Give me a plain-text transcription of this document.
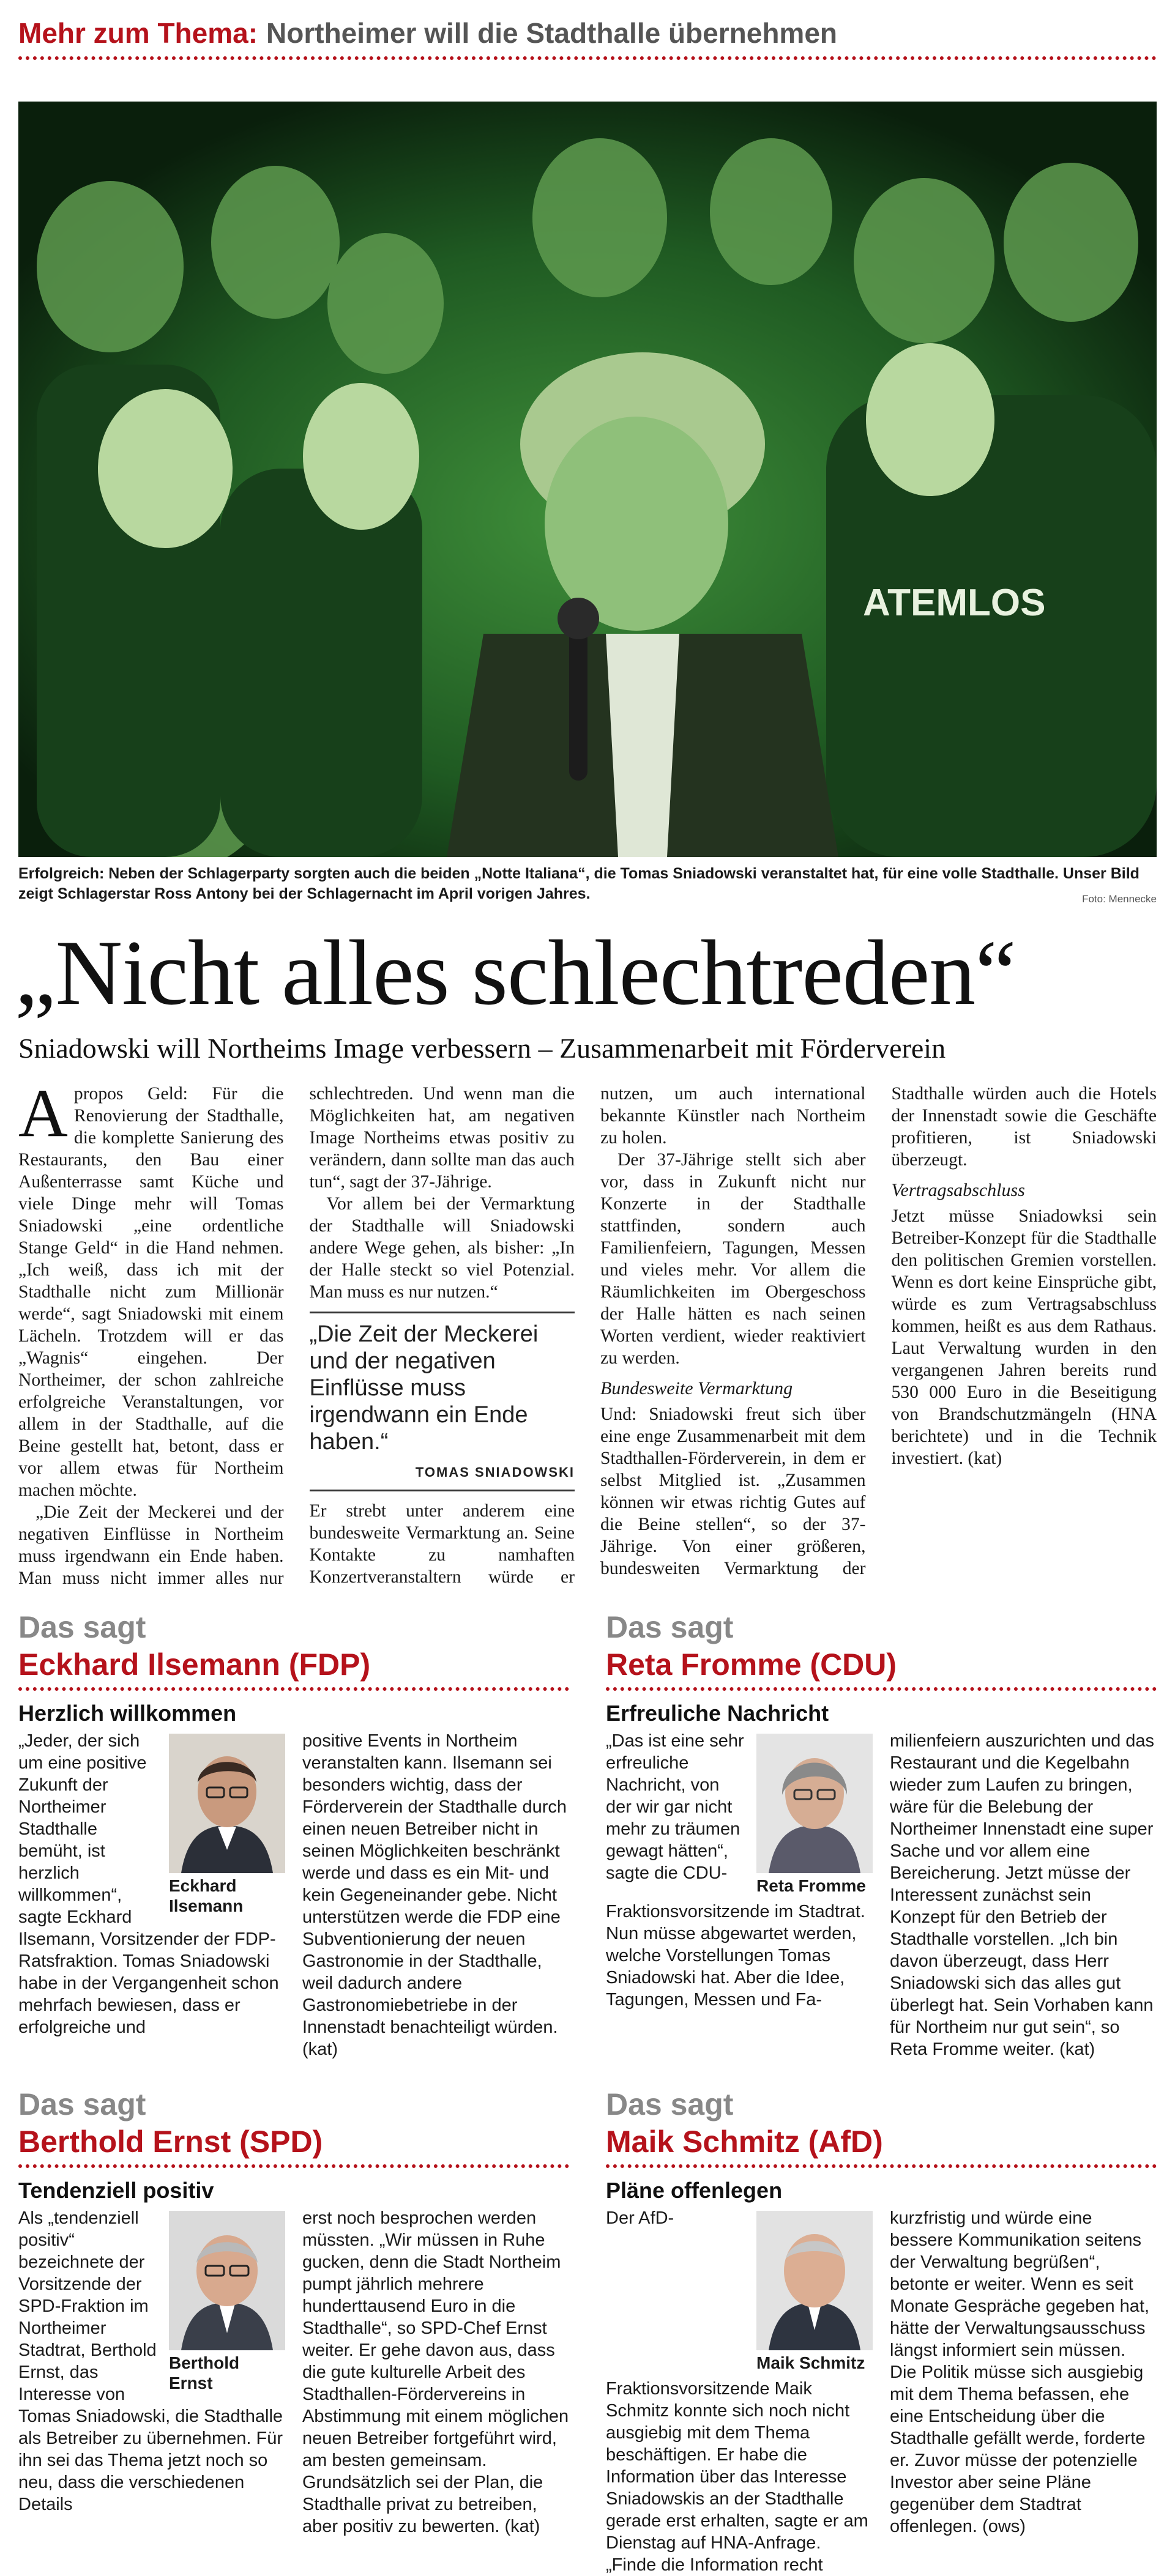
Mehr zum Thema: Northeimer will die Stadthalle übernehmen
ATEMLOS
Erfolgreich: Neben der Schlagerparty sorgten auch die beiden „Notte Italiana“, die Tomas Sniadowski veranstaltet hat, für eine volle Stadthalle. Unser Bild zeigt Schlagerstar Ross Antony bei der Schlagernacht im April vorigen Jahres.	Foto: Mennecke
„Nicht alles schlechtreden“
Sniadowski will Northeims Image verbessern – Zusammenarbeit mit Förderverein

Apropos Geld: Für die Renovierung der Stadthalle, die komplette Sanierung des Restaurants, den Bau einer Außenterrasse samt Küche und viele Dinge mehr will Tomas Sniadowski „eine ordentliche Stange Geld“ in die Hand nehmen. „Ich weiß, dass ich mit der Stadthalle nicht zum Millionär werde“, sagt Sniadowski mit einem Lächeln. Trotzdem will er das „Wagnis“ eingehen. Der Northeimer, der schon zahlreiche erfolgreiche Veranstaltungen, vor allem in der Stadthalle, auf die Beine gestellt hat, betont, dass er vor allem etwas für Northeim machen möchte.

„Die Zeit der Meckerei und der negativen Einflüsse in Northeim muss irgendwann ein Ende haben. Man muss nicht immer alles nur schlechtreden. Und wenn man die Möglichkeiten hat, am negativen Image Northeims etwas positiv zu verändern, dann sollte man das auch tun“, sagt der 37-Jährige.

Vor allem bei der Vermarktung der Stadthalle will Sniadowski andere Wege gehen, als bisher: „In der Halle steckt so viel Potenzial. Man muss es nur nutzen.“

„Die Zeit der Meckerei und der negativen Einflüsse muss irgendwann ein Ende haben.“
TOMAS SNIADOWSKI

Er strebt unter anderem eine bundesweite Vermarktung an. Seine Kontakte zu namhaften Konzertveranstaltern würde er nutzen, um auch international bekannte Künstler nach Northeim zu holen.

Der 37-Jährige stellt sich aber vor, dass in Zukunft nicht nur Konzerte in der Stadthalle stattfinden, sondern auch Familienfeiern, Tagungen, Messen und vieles mehr. Vor allem die Räumlichkeiten im Obergeschoss der Halle hätten es nach seinen Worten verdient, wieder reaktiviert zu werden.

Bundesweite Vermarktung

Und: Sniadowski freut sich über eine enge Zusammenarbeit mit dem Stadthallen-Förderverein, in dem er selbst Mitglied ist. „Zusammen können wir etwas richtig Gutes auf die Beine stellen“, so der 37-Jährige. Von einer größeren, bundesweiten Vermarktung der Stadthalle würden auch die Hotels der Innenstadt sowie die Geschäfte profitieren, ist Sniadowski überzeugt.

Vertragsabschluss

Jetzt müsse Sniadowksi sein Betreiber-Konzept für die Stadthalle den politischen Gremien vorstellen. Wenn es dort keine Einsprüche gibt, würde es zum Vertragsabschluss kommen, heißt es aus dem Rathaus. Laut Verwaltung wurden in den vergangenen Jahren bereits rund 530 000 Euro in die Beseitigung von Brandschutzmängeln (HNA berichtete) und in die Technik investiert. (kat)

Das sagt
Eckhard Ilsemann (FDP)
Herzlich willkommen
Eckhard Ilsemann

„Jeder, der sich um eine positive Zukunft der Northeimer Stadthalle bemüht, ist herzlich willkommen“, sagte Eckhard Ilsemann, Vorsitzender der FDP-Ratsfraktion. Tomas Sniadowski habe in der Vergangenheit schon mehrfach bewiesen, dass er erfolgreiche und

positive Events in Northeim veranstalten kann. Ilsemann sei besonders wichtig, dass der Förderverein der Stadthalle durch einen neuen Betreiber nicht in seinen Möglichkeiten beschränkt werde und dass es ein Mit- und kein Gegeneinander gebe. Nicht unterstützen werde die FDP eine Subventionierung der neuen Gastronomie in der Stadthalle, weil dadurch andere Gastronomiebetriebe in der Innenstadt benachteiligt würden. (kat)

Das sagt
Reta Fromme (CDU)
Erfreuliche Nachricht
Reta Fromme

„Das ist eine sehr erfreuliche Nachricht, von der wir gar nicht mehr zu träumen gewagt hätten“, sagte die CDU-Fraktionsvorsitzende im Stadtrat. Nun müsse abgewartet werden, welche Vorstellungen Tomas Sniadowski hat. Aber die Idee, Tagungen, Messen und Fa-

milienfeiern auszurichten und das Restaurant und die Kegelbahn wieder zum Laufen zu bringen, wäre für die Belebung der Northeimer Innenstadt eine super Sache und vor allem eine Bereicherung. Jetzt müsse der Interessent zunächst sein Konzept für den Betrieb der Stadthalle vorstellen. „Ich bin davon überzeugt, dass Herr Sniadowski sich das alles gut überlegt hat. Sein Vorhaben kann für Northeim nur gut sein“, so Reta Fromme weiter. (kat)

Das sagt
Berthold Ernst (SPD)
Tendenziell positiv
Berthold Ernst

Als „tendenziell positiv“ bezeichnete der Vorsitzende der SPD-Fraktion im Northeimer Stadtrat, Berthold Ernst, das Interesse von Tomas Sniadowski, die Stadthalle als Betreiber zu übernehmen. Für ihn sei das Thema jetzt noch so neu, dass die verschiedenen Details

erst noch besprochen werden müssten. „Wir müssen in Ruhe gucken, denn die Stadt Northeim pumpt jährlich mehrere hunderttausend Euro in die Stadthalle“, so SPD-Chef Ernst weiter. Er gehe davon aus, dass die gute kulturelle Arbeit des Stadthallen-Fördervereins in Abstimmung mit einem möglichen neuen Betreiber fortgeführt wird, am besten gemeinsam. Grundsätzlich sei der Plan, die Stadthalle privat zu betreiben, aber positiv zu bewerten. (kat)

Das sagt
Maik Schmitz (AfD)
Pläne offenlegen
Maik Schmitz

Der AfD-Fraktionsvorsitzende Maik Schmitz konnte sich noch nicht ausgiebig mit dem Thema beschäftigen. Er habe die Information über das Interesse Sniadowskis an der Stadthalle gerade erst erhalten, sagte er am Dienstag auf HNA-Anfrage. „Finde die Information recht

kurzfristig und würde eine bessere Kommunikation seitens der Verwaltung begrüßen“, betonte er weiter. Wenn es seit Monate Gespräche gegeben hat, hätte der Verwaltungsausschuss längst informiert sein müssen. Die Politik müsse sich ausgiebig mit dem Thema befassen, ehe eine Entscheidung über die Stadthalle gefällt werde, forderte er. Zuvor müsse der potenzielle Investor aber seine Pläne gegenüber dem Stadtrat offenlegen. (ows)
